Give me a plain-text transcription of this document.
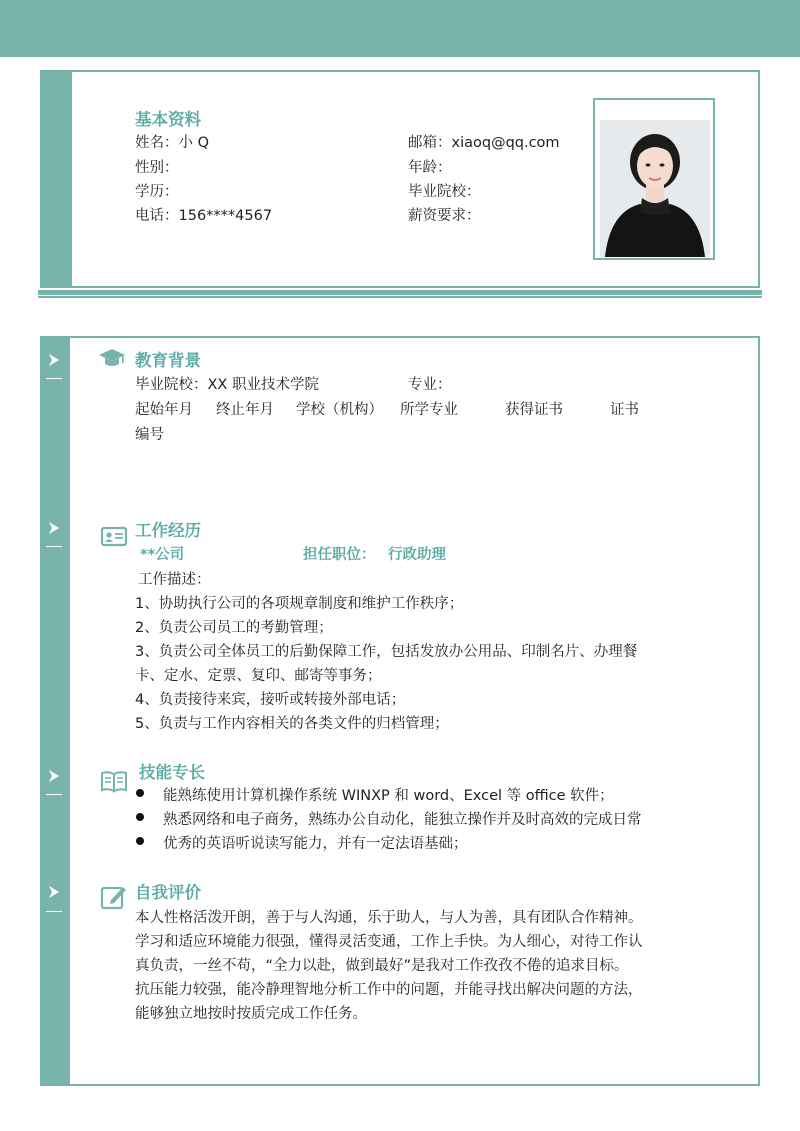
基本资料
姓名：小 Q
性别：
学历：
电话：156****4567
邮箱：xiaoq@qq.com
年龄：
毕业院校：
薪资要求：
教育背景
毕业院校：XX 职业技术学院	专业：
起始年月 终止年月 学校（机构） 所学专业	获得证书	证书
编号
工作经历
**公司	担任职位： 行政助理
工作描述：
1、协助执行公司的各项规章制度和维护工作秩序；
2、负责公司员工的考勤管理；
3、负责公司全体员工的后勤保障工作，包括发放办公用品、印制名片、办理餐
卡、定水、定票、复印、邮寄等事务；
4、负责接待来宾，接听或转接外部电话；
5、负责与工作内容相关的各类文件的归档管理；
技能专长
能熟练使用计算机操作系统 WINXP 和 word、Excel 等 office 软件；
熟悉网络和电子商务，熟练办公自动化，能独立操作并及时高效的完成日常
优秀的英语听说读写能力，并有一定法语基础；
自我评价
本人性格活泼开朗，善于与人沟通，乐于助人，与人为善，具有团队合作精神。
学习和适应环境能力很强，懂得灵活变通，工作上手快。为人细心，对待工作认
真负责，一丝不苟，“全力以赴，做到最好”是我对工作孜孜不倦的追求目标。
抗压能力较强，能冷静理智地分析工作中的问题，并能寻找出解决问题的方法，
能够独立地按时按质完成工作任务。
